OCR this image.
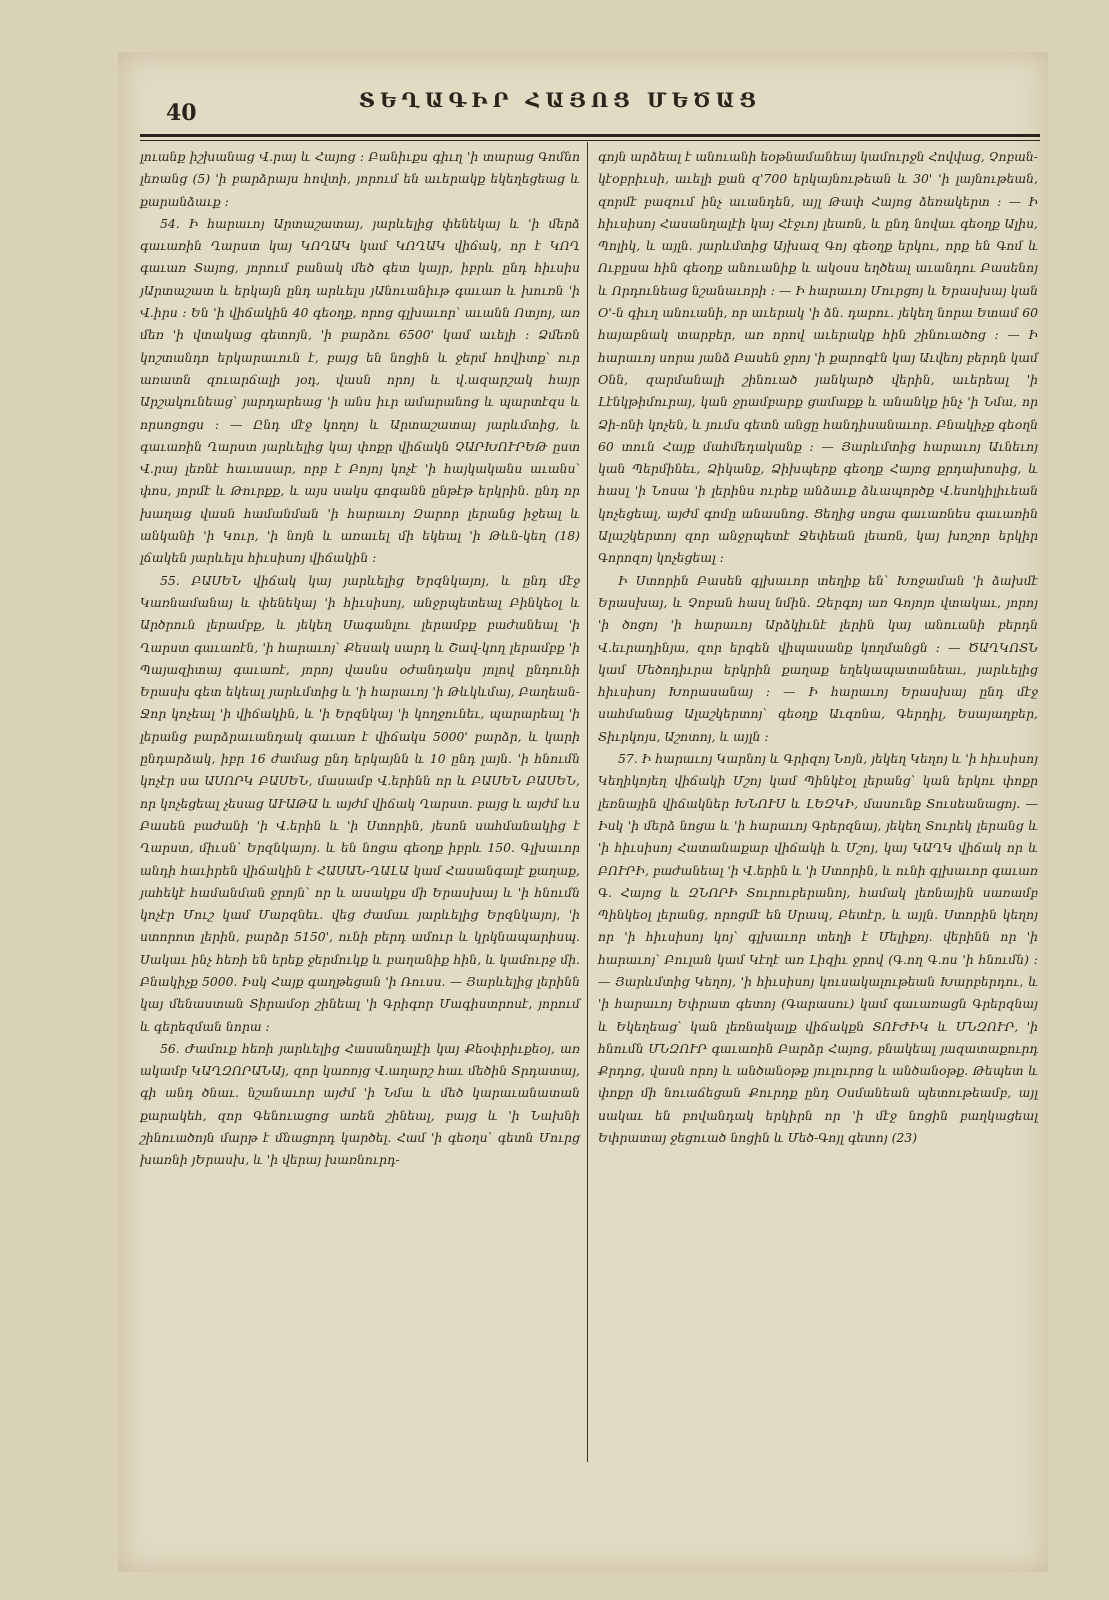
40	ՏԵՂԱԳԻՐ ՀԱՅՈՑ ՄԵԾԱՑ

լուանք իշխանաց Վ.րայ և Հայոց ։ Բանիւքս գիւղ 'ի տարաց Գոմնո լեռանց (5) 'ի բարձրայս հովտի, յորում են աւերակք եկեղեցեաց և քարանձաւք ։

54. Ի հարաւոյ Արտաշատայ, յարևելից փենեկայ և 'ի մերձ գաւառին Ղարստ կայ ԿՈՂԱԿ կամ ԿՈՂԱԿ վիճակ, որ է ԿՈՂ գաւառ Տայոց, յորում բանակ մեծ գետ կայր, իբրև ընդ հիւսիս յԱրտաշատ և երկայն ընդ արևելս յԱնուանիւթ գաւառ և խուռն 'ի Վ.իրս ։ Են 'ի վիճակին 40 գեօղք, որոց գլխաւոր՝ աւանն Ոտյոյ, առ մեռ 'ի վտակաց գետոյն, 'ի բարձու 6500' կամ աւելի ։ Ձմեռն կոշտանդո երկարաւուն է, բայց են նոցին և ջերմ հովիտք՝ ուր առատն զուարճալի յօդ, վասն որոյ և վ.ազարշակ հայր Արշակունեաց՝ յարդարեաց 'ի անս իւր ամարանոց և պարտէզս և որսոցոցս ։ — Ընդ մէջ կողոյ և Արտաշատայ յարևմտից, և գաւառին Ղարստ յարևելից կայ փոքր վիճակն ՉԱՐԽՈՒՐԵԹ ըստ Վ.րայ լեռնէ հաւասար, որբ է Բոյոյ կոչէ 'ի հայկականս աւանս՝ փոս, յորմէ և Թուրքք, և այս սակս գոգանն ընթէթ երկրին. ընդ որ խաղաց վասն համանման 'ի հարաւոյ Զարոր լերանց իջեալ և անկանի 'ի Կուր, 'ի նոյն և առաւել մի եկեալ 'ի Թևն-կեղ (18) լճակեն յարևելս հիւսիսոյ վիճակին ։

55. ԲԱՍԵՆ վիճակ կայ յարևելից Երզնկայոյ, և ընդ մէջ Կառնամանայ և փենեկայ 'ի հիւսիսոյ, անջրպետեալ Բինկեօլ և Արծրուն լերամբք, և յեկեղ Սագանլու լերամբք բաժանեալ 'ի Ղարստ գաւառէն, 'ի հարաւոյ՝ Քեսակ սարդ և Շավ-կող լերամբք 'ի Պայազիտայ գաւառէ, յորոյ վասնս օժանդակս յոլով ընդունի Երասխ գետ եկեալ յարևմտից և 'ի հարաւոյ 'ի Թևկևմայ, Բաղեան-Ջոր կոչեալ 'ի վիճակին, և 'ի Երզնկայ 'ի կողջունեւ, պարարեալ 'ի լերանց բարձրաւանդակ գաւառ է վիճակս 5000' բարձր, և կարի ընդարձակ, իբր 16 ժամաց ընդ երկայնն և 10 ընդ լայն. 'ի հնումն կոչէր սա ԱՍՈՐԿ ԲԱՍԵՆ, մասամբ Վ.երինն որ և ԲԱՍԵՆ ԲԱՍԵՆ, որ կոչեցեալ չեսաց ԱՒԱԹԱ և այժմ վիճակ Ղարստ. բայց և այժմ ևս Բասեն բաժանի 'ի Վ.երին և 'ի Ստորին, յեսոն սահմանակից է Ղարստ, միւսն՝ Երզնկայոյ. և են նոցա գեօղք իբրև 150. Գլխաւոր անդի հաւիրեն վիճակին է ՀԱՍԱՆ-ՂԱԼԱ կամ Հասանգալէ քաղաք, յահեկէ համանման ջրոյն՝ որ և ասակքս մի Երասխայ և 'ի հնումն կոչէր Մուշ կամ Մարզնեւ. վեց ժամաւ յարևելից Երզնկայոյ, 'ի ստորոտ լերին, բարձր 5150', ունի բերդ ամուր և կրկնապարիսպ. Սակաւ ինչ հեռի են երեք ջերմուկք և բաղանիք հին, և կամուրջ մի. Բնակիչք 5000. Իսկ Հայք գաղթեցան 'ի Ռուսս. — Յարևելից լերինն կայ մենաստան Տիրամօր շինեալ 'ի Գրիգոր Մագիստրոսէ, յորում և գերեզման նորա ։

56. Ժամուք հեռի յարևելից Հասանղալէի կայ Քեօփրիւքեօյ, առ ակամբ ԿԱՂԶՈՐԱՆԱյ, զոր կառոյց Վ.աղարշ հաւ մեծին Տրդատայ, գի անդ ծնաւ. նշանաւոր այժմ 'ի Նմա և մեծ կարաւանատան քարակեհ, զոր Գենուացոց առեն շինեալ, բայց և 'ի Նախնի շինուածոյն մարթ է մնացորդ կարծել. Համ 'ի գեօղս՝ գետն Մուրց խառնի յԵրասխ, և 'ի վերայ խառնուրդ-

գոյն արձեալ է անուանի եօթնամանեայ կամուրջն Հովվաց, Չոբան-կէօբրիւսի, աւելի քան զ'700 երկայնութեան և 30' 'ի լայնութեան, զորմէ բազում ինչ աւանդեն, այլ Թափ Հայոց ձեռակերտ ։ — Ի հիւսիսոյ Հասանղալէի կայ Հէջւոյ լեառն, և ընդ նովաւ գեօղք Ալիս, Պոլիկ, և այլն. յարևմտից Այխազ Գոյ գեօղք երկու, որք են Գոմ և Ուբըսա հին գեօղք անուանիք և ակօսս եղծեալ աւանդու Բասենոյ և Որդունեաց նշանաւորի ։ — Ի հարաւոյ Մուրցոյ և Երասխայ կան Օ'-ն գիւղ անուանի, որ աւերակ 'ի ձն. դարու. յեկեղ նորա Ետամ 60 հայաբնակ տարբեր, առ որով աւերակք հին շինուածոց ։ — Ի հարաւոյ սորա յանձ Բասեն ջրոյ 'ի քարոգէն կայ Աւվեոյ բերդն կամ Օնն, զարմանալի շինուած յանկարծ վերին, աւերեալ 'ի Լէնկթիմուրայ, կան ջրամբարք ցամաքք և անանկք ինչ 'ի Նմա, որ Ձի-ոնի կոչեն, և յումս գետն անցը հանդիսանաւոր. Բնակիչք գեօղն 60 տուն Հայք մահմեդականք ։ — Յարևմտից հարաւոյ Աւնեւոյ կան Պերմինեւ, Ձիկանք, Ձիխպերք գեօղք Հայոց քրդախոսից, և հասլ 'ի Նոսա 'ի լերինս ուրեք անձաւք ձևապործք Վ.եսոկիլիւեան կոչեցեալ, այժմ գոմը անասնոց. Ցեղից սոցա գաւառնես գաւառին Ալաշկերտոյ զոր անջրպետէ Ջեփեան լեառն, կայ խոշոր երկիր Գորոզոյ կոչեցեալ ։

Ի Ստորին Բասեն գլխաւոր տեղիք են՝ Խոջաման 'ի ձախմէ Երասխայ, և Չոբան հասլ նմին. Զերգոյ առ Գոյոյո վտակաւ, յորոյ 'ի ծոցոյ 'ի հարաւոյ Արձկիւնէ լերին կայ անուանի բերդն Վ.եւրադինյա, զոր երգեն վիպասանք կողմանցն ։ — ԾԱՂԿՈՏՆ կամ Մեծոդիւրա երկրին քաղաք եղեկապատանեաւ, յարևելից հիւսիսոյ Խորասանայ ։ — Ի հարաւոյ Երասխայ ընդ մէջ սահմանաց Ալաշկերտոյ՝ գեօղք Աւզոնա, Գերդիլ, Եսայաղբեր, Տիւրկոյս, Աշոտոյ, և այլն ։

57. Ի հարաւոյ Կարնոյ և Գրիզոյ Նոյն, յեկեղ Կեղոյ և 'ի հիւսիսոյ Կեղիկոյեղ վիճակի Մշոյ կամ Պինկէօլ լերանց՝ կան երկու փոքր լեռնային վիճակներ ԽՆՈՒՍ և ԼԵԶԿԻ, մասունք Տուսեանացոյ. — Իսկ 'ի մերձ նոցա և 'ի հարաւոյ Գրերզնայ, յեկեղ Տուրեկ լերանց և 'ի հիւսիսոյ Հատանաքար վիճակի և Մշոյ, կայ ԿԱՂԿ վիճակ որ և ԲՈՒՐԻ, բաժանեալ 'ի Վ.երին և 'ի Ստորին, և ունի գլխաւոր գաւառ Գ. Հայոց և ԶՆՈՐԻ Տուրուբերանոյ, համակ լեռնային սառամբ Պինկեօլ լերանց, որոցմէ են Սրապ, Բետէր, և այլն. Ստորին կեղոյ որ 'ի հիւսիսոյ կոյ՝ գլխաւոր տեղի է Մելիքոյ. վերինն որ 'ի հարաւոյ՝ Բուլան կամ Կէղէ առ Լիզիւ ջրով (Գ.ող Գ.ոս 'ի հնումն) ։ — Յարևմտից Կեղոյ, 'ի հիւսիսոյ կուսակալութեան Խարբերդու, և 'ի հարաւոյ Եփրատ գետոյ (Գարասու) կամ գաւառացն Գրերզնայ և Եկեղեաց՝ կան լեռնակալք վիճակքն ՏՈՒԺԻԿ և ՄՆԶՈՒՐ, 'ի հնումն ՄՆԶՈՒՐ գաւառին Բարձր Հայոց, բնակեալ յազատաքուրդ Քրդոց, վասն որոյ և անծանօթք յուլուրոց և անծանօթք. Թեպետ և փոքր մի նուաճեցան Քուրդք ընդ Օսմանեան պետութեամբ, այլ սակաւ են բովանդակ երկիրն որ 'ի մէջ նոցին բաղկացեալ Եփրատայ ջեցուած նոցին և Մեծ-Գոյլ գետոյ (23)
